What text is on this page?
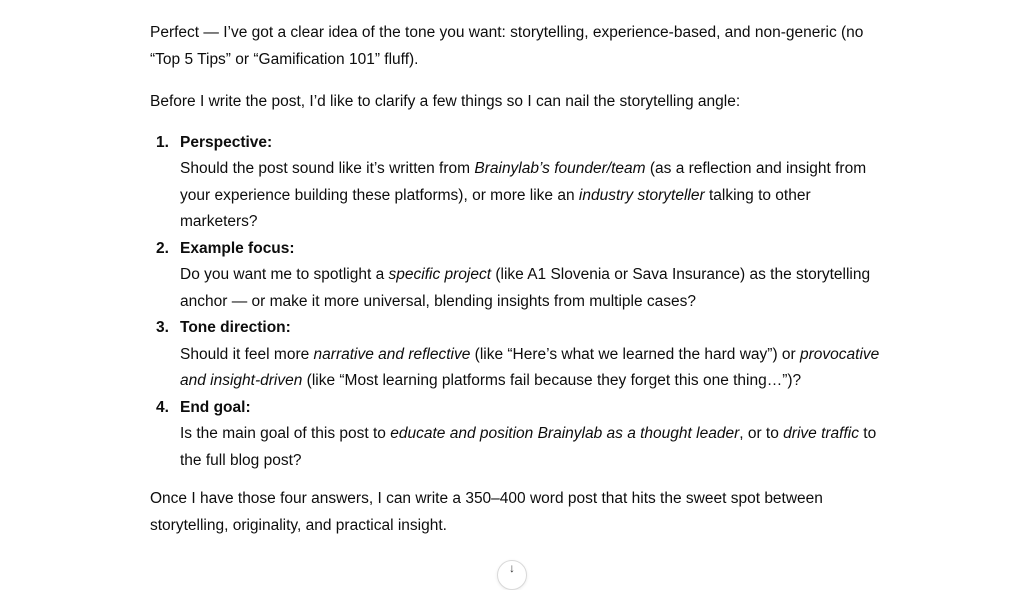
Perfect — I’ve got a clear idea of the tone you want: storytelling, experience-based, and non-generic (no “Top 5 Tips” or “Gamification 101” fluff).

Before I write the post, I’d like to clarify a few things so I can nail the storytelling angle:

1. Perspective:
Should the post sound like it’s written from Brainylab’s founder/team (as a reflection and insight from your experience building these platforms), or more like an industry storyteller talking to other marketers?
2. Example focus:
Do you want me to spotlight a specific project (like A1 Slovenia or Sava Insurance) as the storytelling anchor — or make it more universal, blending insights from multiple cases?
3. Tone direction:
Should it feel more narrative and reflective (like “Here’s what we learned the hard way”) or provocative and insight-driven (like “Most learning platforms fail because they forget this one thing…”)?
4. End goal:
Is the main goal of this post to educate and position Brainylab as a thought leader, or to drive traffic to the full blog post?

Once I have those four answers, I can write a 350–400 word post that hits the sweet spot between storytelling, originality, and practical insight.

↓
